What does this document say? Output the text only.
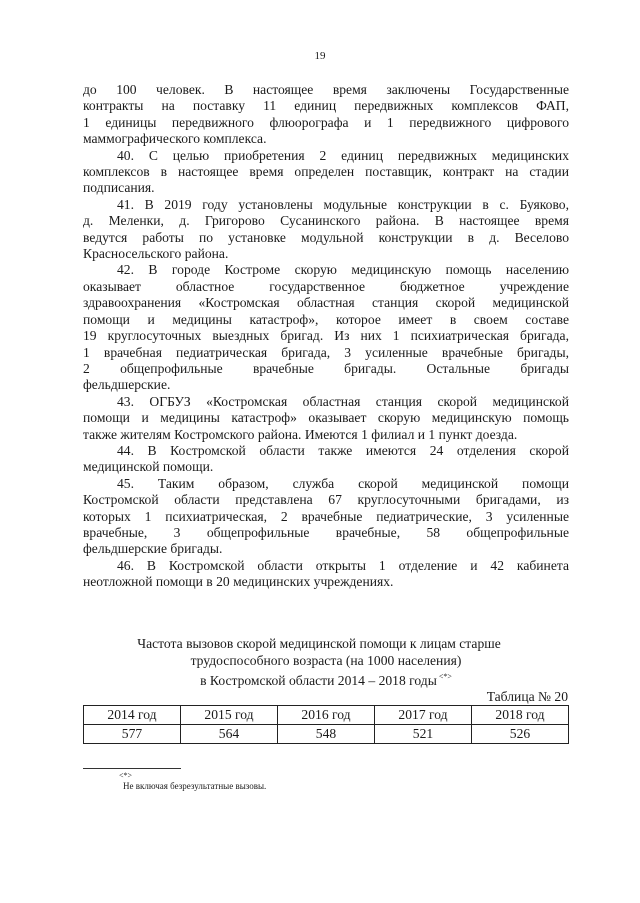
19

до 100 человек. В настоящее время заключены Государственные
контракты на поставку 11 единиц передвижных комплексов ФАП,
1 единицы передвижного флюорографа и 1 передвижного цифрового
маммографического комплекса.

40. С целью приобретения 2 единиц передвижных медицинских
комплексов в настоящее время определен поставщик, контракт на стадии
подписания.

41. В 2019 году установлены модульные конструкции в с. Буяково,
д. Меленки, д. Григорово Сусанинского района. В настоящее время
ведутся работы по установке модульной конструкции в д. Веселово
Красносельского района.

42. В городе Костроме скорую медицинскую помощь населению
оказывает областное государственное бюджетное учреждение
здравоохранения «Костромская областная станция скорой медицинской
помощи и медицины катастроф», которое имеет в своем составе
19 круглосуточных выездных бригад. Из них 1 психиатрическая бригада,
1 врачебная педиатрическая бригада, 3 усиленные врачебные бригады,
2 общепрофильные врачебные бригады. Остальные бригады
фельдшерские.

43. ОГБУЗ «Костромская областная станция скорой медицинской
помощи и медицины катастроф» оказывает скорую медицинскую помощь
также жителям Костромского района. Имеются 1 филиал и 1 пункт доезда.

44. В Костромской области также имеются 24 отделения скорой
медицинской помощи.

45. Таким образом, служба скорой медицинской помощи
Костромской области представлена 67 круглосуточными бригадами, из
которых 1 психиатрическая, 2 врачебные педиатрические, 3 усиленные
врачебные, 3 общепрофильные врачебные, 58 общепрофильные
фельдшерские бригады.

46. В Костромской области открыты 1 отделение и 42 кабинета
неотложной помощи в 20 медицинских учреждениях.

Частота вызовов скорой медицинской помощи к лицам старше
трудоспособного возраста (на 1000 населения)
в Костромской области 2014 – 2018 годы <*>
Таблица № 20
2014 год	2015 год	2016 год	2017 год	2018 год
577	564	548	521	526
<*>
Не включая безрезультатные вызовы.
